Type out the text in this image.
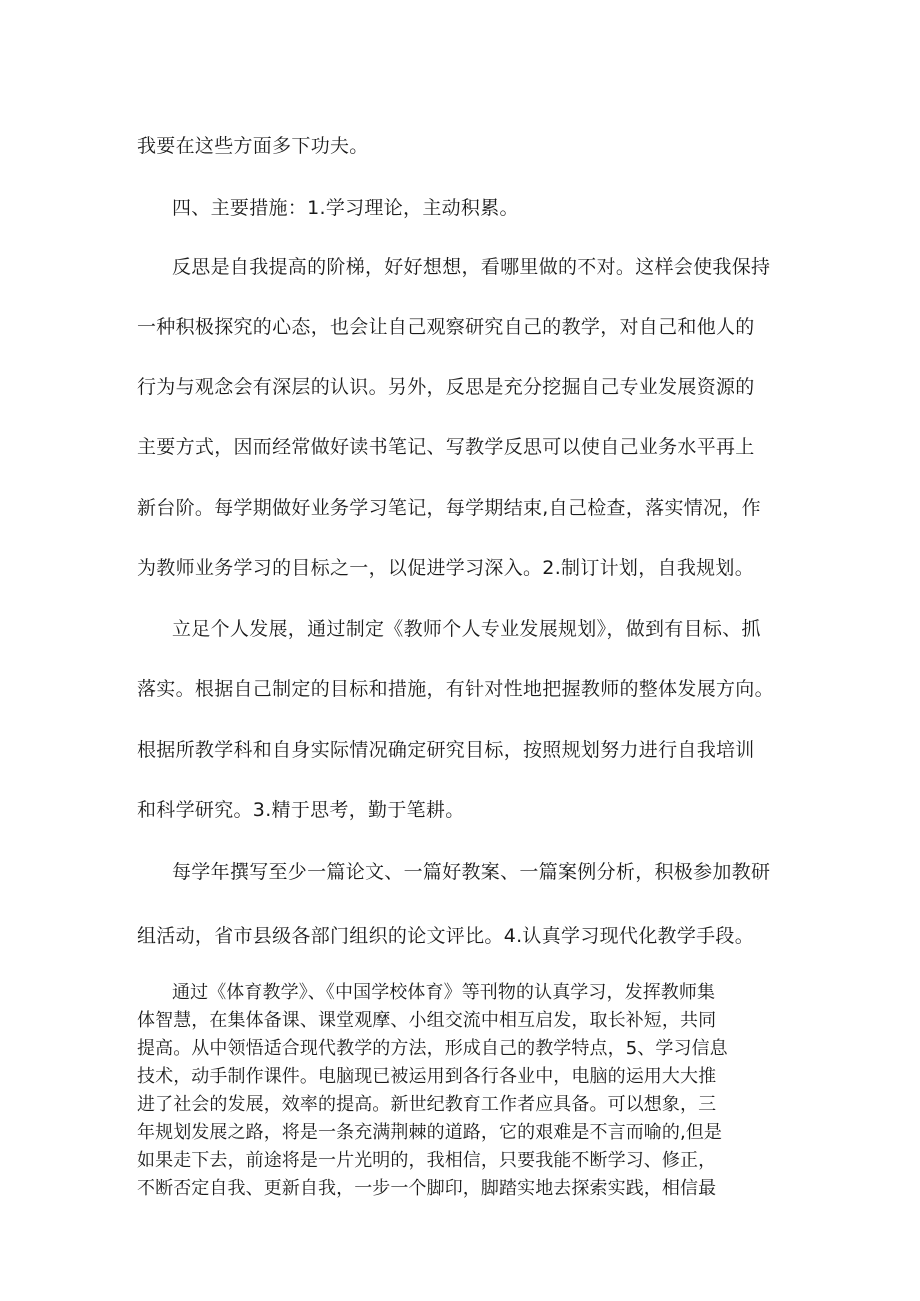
我要在这些方面多下功夫。
四、主要措施：1.学习理论，主动积累。
反思是自我提高的阶梯，好好想想，看哪里做的不对。这样会使我保持
一种积极探究的心态，也会让自己观察研究自己的教学，对自己和他人的
行为与观念会有深层的认识。另外，反思是充分挖掘自己专业发展资源的
主要方式，因而经常做好读书笔记、写教学反思可以使自己业务水平再上
新台阶。每学期做好业务学习笔记，每学期结束,自己检查，落实情况，作
为教师业务学习的目标之一，以促进学习深入。2.制订计划，自我规划。
立足个人发展，通过制定《教师个人专业发展规划》，做到有目标、抓
落实。根据自己制定的目标和措施，有针对性地把握教师的整体发展方向。
根据所教学科和自身实际情况确定研究目标，按照规划努力进行自我培训
和科学研究。3.精于思考，勤于笔耕。
每学年撰写至少一篇论文、一篇好教案、一篇案例分析，积极参加教研
组活动，省市县级各部门组织的论文评比。4.认真学习现代化教学手段。
通过《体育教学》、《中国学校体育》等刊物的认真学习，发挥教师集
体智慧，在集体备课、课堂观摩、小组交流中相互启发，取长补短，共同
提高。从中领悟适合现代教学的方法，形成自己的教学特点，5、学习信息
技术，动手制作课件。电脑现已被运用到各行各业中，电脑的运用大大推
进了社会的发展，效率的提高。新世纪教育工作者应具备。可以想象，三
年规划发展之路，将是一条充满荆棘的道路，它的艰难是不言而喻的,但是
如果走下去，前途将是一片光明的，我相信，只要我能不断学习、修正，
不断否定自我、更新自我，一步一个脚印，脚踏实地去探索实践，相信最
